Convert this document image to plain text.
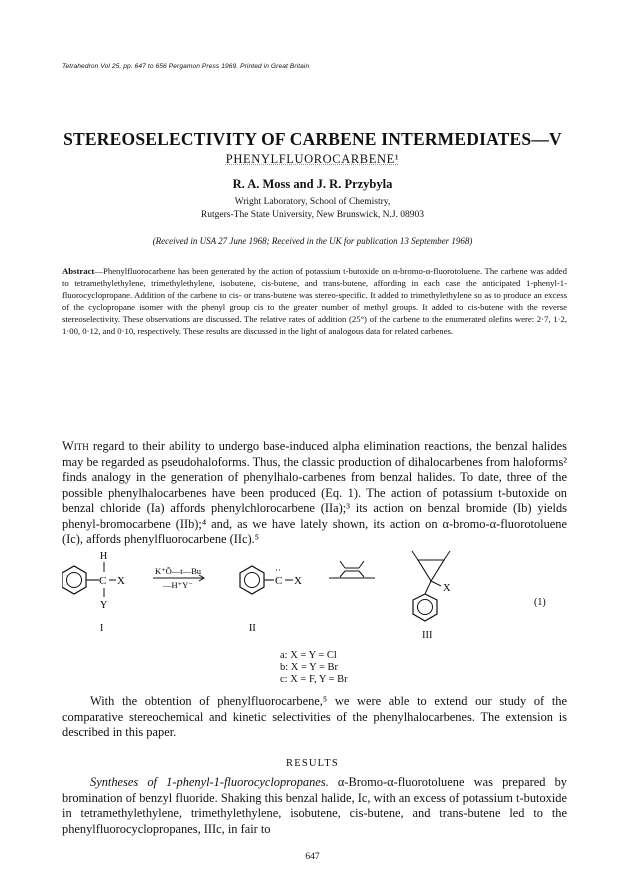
Tetrahedron Vol 25, pp. 647 to 656 Pergamon Press 1969. Printed in Great Britain
STEREOSELECTIVITY OF CARBENE INTERMEDIATES—V
PHENYLFLUOROCARBENE¹
R. A. Moss and J. R. Przybyla
Wright Laboratory, School of Chemistry,
Rutgers-The State University, New Brunswick, N.J. 08903
(Received in USA 27 June 1968; Received in the UK for publication 13 September 1968)

Abstract—Phenylfluorocarbene has been generated by the action of potassium t-butoxide on α-bromo-α-fluorotoluene. The carbene was added to tetramethylethylene, trimethylethylene, isobutene, cis-butene, and trans-butene, affording in each case the anticipated 1-phenyl-1-fluorocyclopropane. Addition of the carbene to cis- or trans-butene was stereo-specific. It added to trimethylethylene so as to produce an excess of the cyclopropane isomer with the phenyl group cis to the greater number of methyl groups. It added to cis-butene with the reverse stereoselectivity. These observations are discussed. The relative rates of addition (25°) of the carbene to the enumerated olefins were: 2·7, 1·2, 1·00, 0·12, and 0·10, respectively. These results are discussed in the light of analogous data for related carbenes.

With regard to their ability to undergo base-induced alpha elimination reactions, the benzal halides may be regarded as pseudohaloforms. Thus, the classic production of dihalocarbenes from haloforms² finds analogy in the generation of phenylhalo-carbenes from benzal halides. To date, three of the possible phenylhalocarbenes have been produced (Eq. 1). The action of potassium t-butoxide on benzal chloride (Ia) affords phenylchlorocarbene (IIa);³ its action on benzal bromide (Ib) yields phenyl-bromocarbene (IIb);⁴ and, as we have lately shown, its action on α-bromo-α-fluorotoluene (Ic), affords phenylfluorocarbene (IIc).⁵

H
C X
Y
K⁺Ō—t—Bu
—H⁺Y⁻
··
C X
X
I	II
(1)
III
a: X = Y = Cl
b: X = Y = Br
c: X = F, Y = Br

With the obtention of phenylfluorocarbene,⁵ we were able to extend our study of the comparative stereochemical and kinetic selectivities of the phenylhalocarbenes. The extension is described in this paper.

RESULTS

Syntheses of 1-phenyl-1-fluorocyclopropanes. α-Bromo-α-fluorotoluene was prepared by bromination of benzyl fluoride. Shaking this benzal halide, Ic, with an excess of potassium t-butoxide in tetramethylethylene, trimethylethylene, isobutene, cis-butene, and trans-butene led to the phenylfluorocyclopropanes, IIIc, in fair to

647
